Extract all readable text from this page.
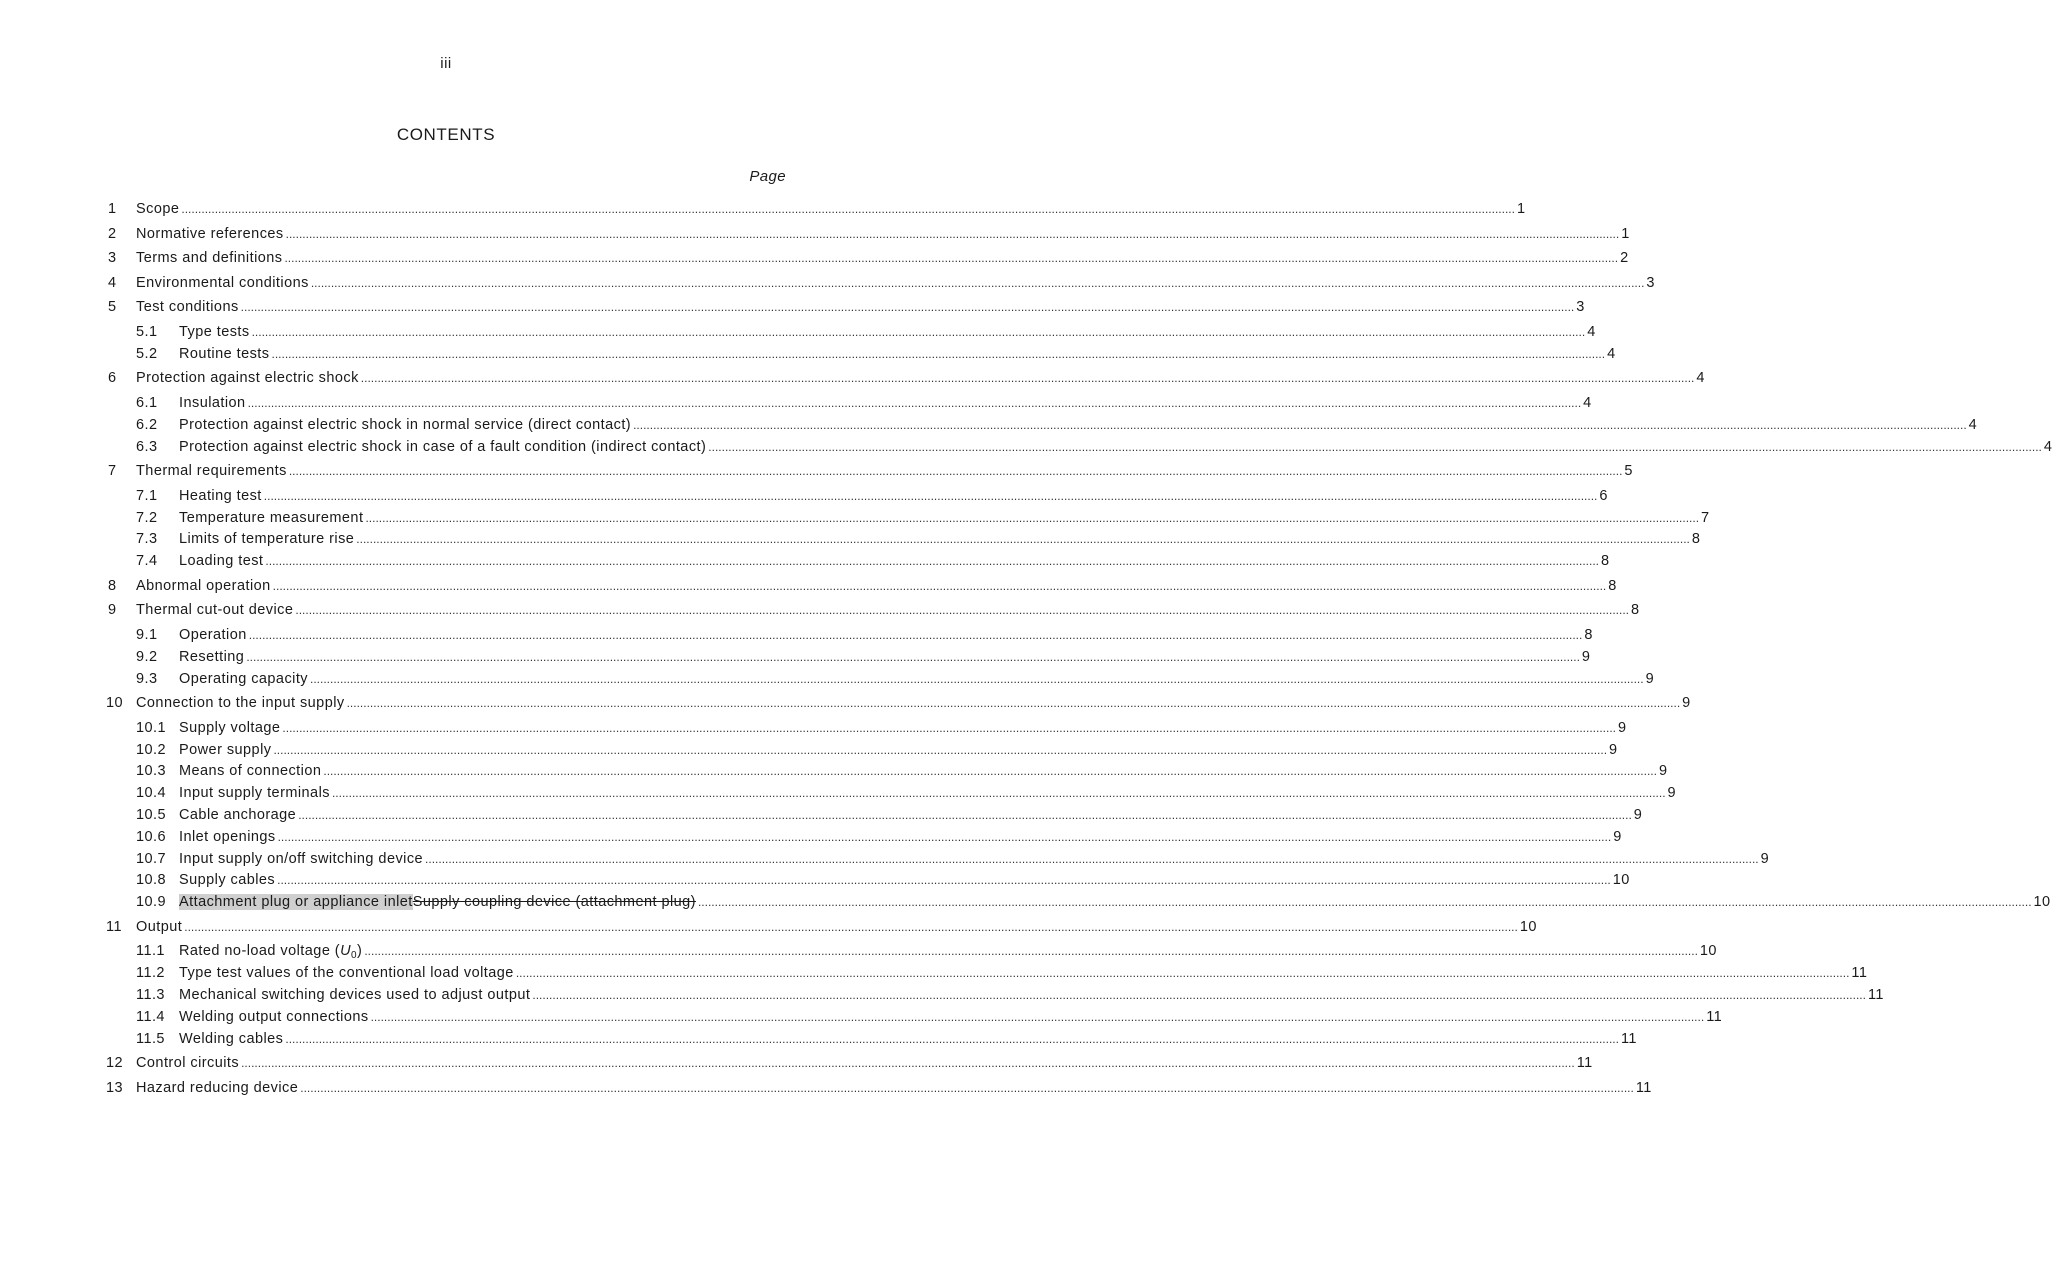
iii
CONTENTS
Page
1 Scope ................................................................................................................................................................................................................................................................................................................................................................................................................ 1
2 Normative references ................................................................................................................................................................................................................................................................................................................................................................................................................ 1
3 Terms and definitions ................................................................................................................................................................................................................................................................................................................................................................................................................ 2
4 Environmental conditions ................................................................................................................................................................................................................................................................................................................................................................................................................ 3
5 Test conditions ................................................................................................................................................................................................................................................................................................................................................................................................................ 3
5.1 Type tests ................................................................................................................................................................................................................................................................................................................................................................................................................ 4
5.2 Routine tests ................................................................................................................................................................................................................................................................................................................................................................................................................ 4
6 Protection against electric shock ................................................................................................................................................................................................................................................................................................................................................................................................................ 4
6.1 Insulation ................................................................................................................................................................................................................................................................................................................................................................................................................ 4
6.2 Protection against electric shock in normal service (direct contact) ................................................................................................................................................................................................................................................................................................................................................................................................................ 4
6.3 Protection against electric shock in case of a fault condition (indirect contact) ................................................................................................................................................................................................................................................................................................................................................................................................................ 4
7 Thermal requirements ................................................................................................................................................................................................................................................................................................................................................................................................................ 5
7.1 Heating test ................................................................................................................................................................................................................................................................................................................................................................................................................ 6
7.2 Temperature measurement ................................................................................................................................................................................................................................................................................................................................................................................................................ 7
7.3 Limits of temperature rise ................................................................................................................................................................................................................................................................................................................................................................................................................ 8
7.4 Loading test ................................................................................................................................................................................................................................................................................................................................................................................................................ 8
8 Abnormal operation ................................................................................................................................................................................................................................................................................................................................................................................................................ 8
9 Thermal cut-out device ................................................................................................................................................................................................................................................................................................................................................................................................................ 8
9.1 Operation ................................................................................................................................................................................................................................................................................................................................................................................................................ 8
9.2 Resetting ................................................................................................................................................................................................................................................................................................................................................................................................................ 9
9.3 Operating capacity ................................................................................................................................................................................................................................................................................................................................................................................................................ 9
10 Connection to the input supply ................................................................................................................................................................................................................................................................................................................................................................................................................ 9
10.1 Supply voltage ................................................................................................................................................................................................................................................................................................................................................................................................................ 9
10.2 Power supply ................................................................................................................................................................................................................................................................................................................................................................................................................ 9
10.3 Means of connection ................................................................................................................................................................................................................................................................................................................................................................................................................ 9
10.4 Input supply terminals ................................................................................................................................................................................................................................................................................................................................................................................................................ 9
10.5 Cable anchorage ................................................................................................................................................................................................................................................................................................................................................................................................................ 9
10.6 Inlet openings ................................................................................................................................................................................................................................................................................................................................................................................................................ 9
10.7 Input supply on/off switching device ................................................................................................................................................................................................................................................................................................................................................................................................................ 9
10.8 Supply cables ................................................................................................................................................................................................................................................................................................................................................................................................................ 10
10.9 Attachment plug or appliance inletSupply coupling device (attachment plug) ................................................................................................................................................................................................................................................................................................................................................................................................................ 10
11 Output ................................................................................................................................................................................................................................................................................................................................................................................................................ 10
11.1 Rated no-load voltage $(U_0)$ ................................................................................................................................................................................................................................................................................................................................................................................................................ 10
11.2 Type test values of the conventional load voltage ................................................................................................................................................................................................................................................................................................................................................................................................................ 11
11.3 Mechanical switching devices used to adjust output ................................................................................................................................................................................................................................................................................................................................................................................................................ 11
11.4 Welding output connections ................................................................................................................................................................................................................................................................................................................................................................................................................ 11
11.5 Welding cables ................................................................................................................................................................................................................................................................................................................................................................................................................ 11
12 Control circuits ................................................................................................................................................................................................................................................................................................................................................................................................................ 11
13 Hazard reducing device ................................................................................................................................................................................................................................................................................................................................................................................................................ 11
